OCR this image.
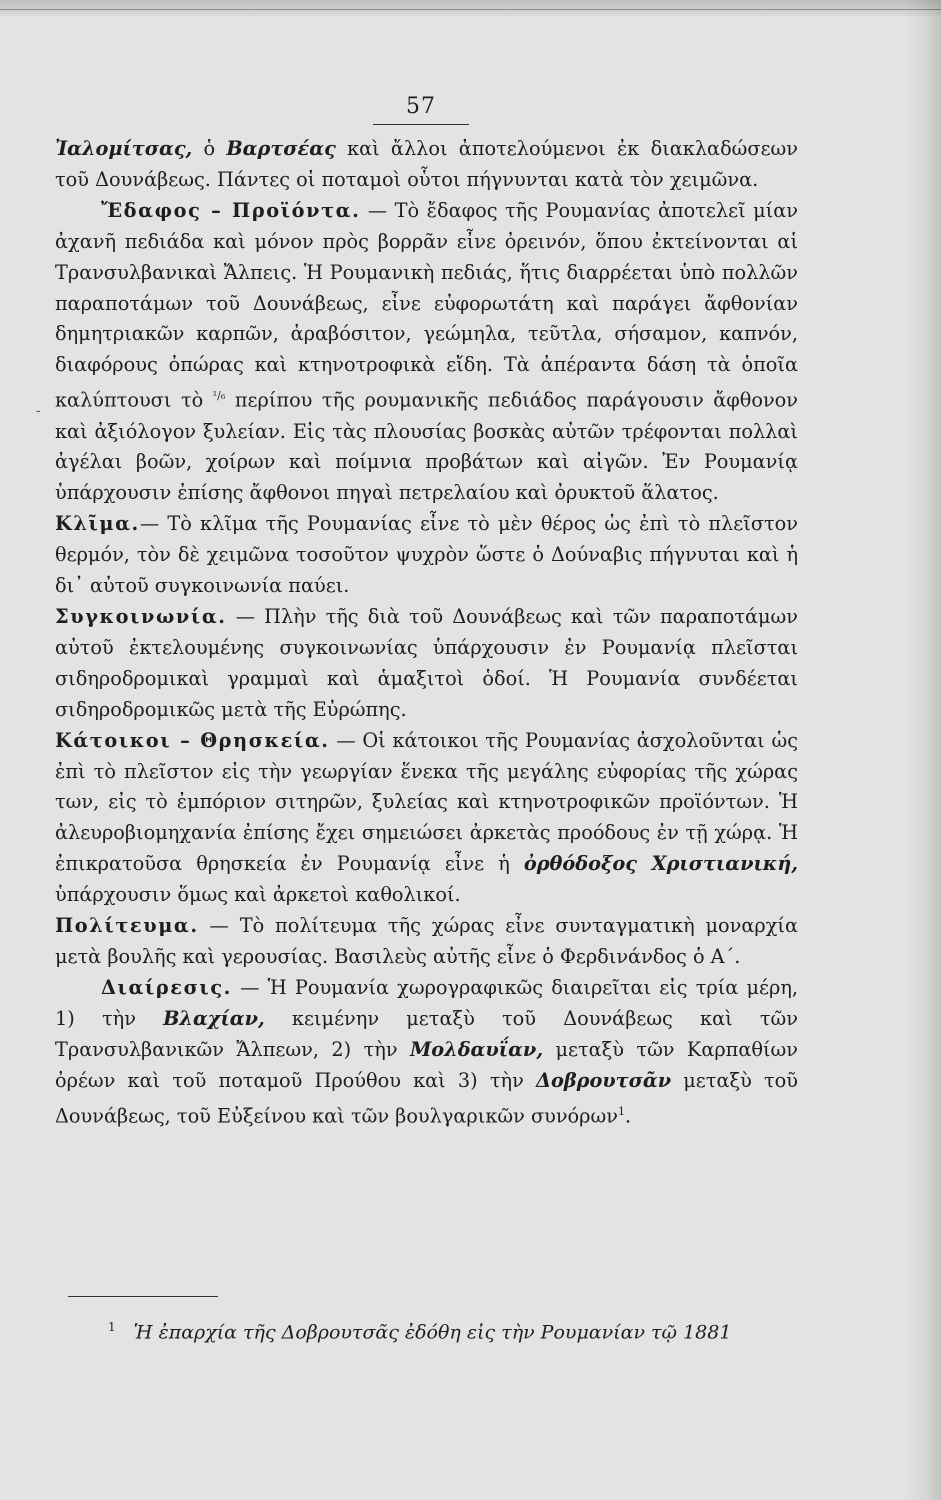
57
-

Ἰαλομίτσας, ὁ Βαρτσέας καὶ ἄλλοι ἀποτελούμενοι ἐκ διακλαδώσεων τοῦ Δουνάβεως. Πάντες οἱ ποταμοὶ οὗτοι πήγνυνται κατὰ τὸν χειμῶνα.

Ἔδαφος – Προϊόντα. — Τὸ ἔδαφος τῆς Ρουμανίας ἀποτελεῖ μίαν ἀχανῆ πεδιάδα καὶ μόνον πρὸς βορρᾶν εἶνε ὀρεινόν, ὅπου ἐκτείνονται αἱ Τρανσυλβανικαὶ Ἄλπεις. Ἡ Ρουμανικὴ πεδιάς, ἥτις διαρρέεται ὑπὸ πολλῶν παραποτάμων τοῦ Δουνάβεως, εἶνε εὐφορωτάτη καὶ παράγει ἄφθονίαν δημητριακῶν καρπῶν, ἀραβόσιτον, γεώμηλα, τεῦτλα, σήσαμον, καπνόν, διαφόρους ὀπώρας καὶ κτηνοτροφικὰ εἴδη. Τὰ ἀπέραντα δάση τὰ ὁποῖα καλύπτουσι τὸ $^{^1/_6}$ περίπου τῆς ρουμανικῆς πεδιάδος παράγουσιν ἄφθονον καὶ ἀξιόλογον ξυλείαν. Εἰς τὰς πλουσίας βοσκὰς αὐτῶν τρέφονται πολλαὶ ἀγέλαι βοῶν, χοίρων καὶ ποίμνια προβάτων καὶ αἰγῶν. Ἐν Ρουμανίᾳ ὑπάρχουσιν ἐπίσης ἄφθονοι πηγαὶ πετρελαίου καὶ ὀρυκτοῦ ἅλατος.

Κλῖμα.— Τὸ κλῖμα τῆς Ρουμανίας εἶνε τὸ μὲν θέρος ὡς ἐπὶ τὸ πλεῖστον θερμόν, τὸν δὲ χειμῶνα τοσοῦτον ψυχρὸν ὥστε ὁ Δούναβις πήγνυται καὶ ἡ δι᾽ αὐτοῦ συγκοινωνία παύει.

Συγκοινωνία. — Πλὴν τῆς διὰ τοῦ Δουνάβεως καὶ τῶν παραποτάμων αὐτοῦ ἐκτελουμένης συγκοινωνίας ὑπάρχουσιν ἐν Ρουμανίᾳ πλεῖσται σιδηροδρομικαὶ γραμμαὶ καὶ ἁμαξιτοὶ ὁδοί. Ἡ Ρουμανία συνδέεται σιδηροδρομικῶς μετὰ τῆς Εὐρώπης.

Κάτοικοι – Θρησκεία. — Οἱ κάτοικοι τῆς Ρουμανίας ἀσχολοῦνται ὡς ἐπὶ τὸ πλεῖστον εἰς τὴν γεωργίαν ἕνεκα τῆς μεγάλης εὐφορίας τῆς χώρας των, εἰς τὸ ἐμπόριον σιτηρῶν, ξυλείας καὶ κτηνοτροφικῶν προϊόντων. Ἡ ἀλευροβιομηχανία ἐπίσης ἔχει σημειώσει ἀρκετὰς προόδους ἐν τῇ χώρᾳ. Ἡ ἐπικρατοῦσα θρησκεία ἐν Ρουμανίᾳ εἶνε ἡ ὀρθόδοξος Χριστιανική, ὑπάρχουσιν ὅμως καὶ ἀρκετοὶ καθολικοί.

Πολίτευμα. — Τὸ πολίτευμα τῆς χώρας εἶνε συνταγματικὴ μοναρχία μετὰ βουλῆς καὶ γερουσίας. Βασιλεὺς αὐτῆς εἶνε ὁ Φερδινάνδος ὁ Α΄.

Διαίρεσις. — Ἡ Ρουμανία χωρογραφικῶς διαιρεῖται εἰς τρία μέρη, 1) τὴν Βλαχίαν, κειμένην μεταξὺ τοῦ Δουνάβεως καὶ τῶν Τρανσυλβανικῶν Ἄλπεων, 2) τὴν Μολδαυΐαν, μεταξὺ τῶν Καρπαθίων ὀρέων καὶ τοῦ ποταμοῦ Προύθου καὶ 3) τὴν Δοβρουτσᾶν μεταξὺ τοῦ Δουνάβεως, τοῦ Εὐξείνου καὶ τῶν βουλγαρικῶν συνόρων$^1$.

$^1$ Ἡ ἐπαρχία τῆς Δοβρουτσᾶς ἐδόθη εἰς τὴν Ρουμανίαν τῷ 1881
